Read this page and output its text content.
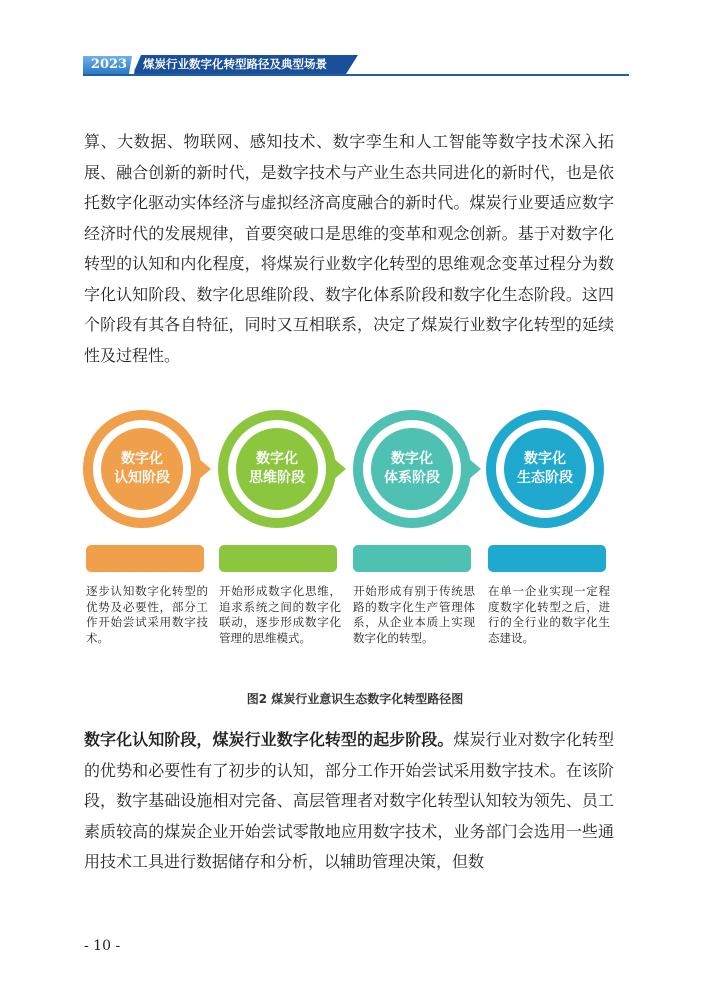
2023	煤炭行业数字化转型路径及典型场景

算、大数据、物联网、感知技术、数字孪生和人工智能等数字技术深入拓展、融合创新的新时代，是数字技术与产业生态共同进化的新时代，也是依托数字化驱动实体经济与虚拟经济高度融合的新时代。煤炭行业要适应数字经济时代的发展规律，首要突破口是思维的变革和观念创新。基于对数字化转型的认知和内化程度，将煤炭行业数字化转型的思维观念变革过程分为数字化认知阶段、数字化思维阶段、数字化体系阶段和数字化生态阶段。这四个阶段有其各自特征，同时又互相联系，决定了煤炭行业数字化转型的延续性及过程性。

数字化
认知阶段

逐步认知数字化转型的优势及必要性，部分工作开始尝试采用数字技术。

数字化
思维阶段

开始形成数字化思维，追求系统之间的数字化联动，逐步形成数字化管理的思维模式。

数字化
体系阶段

开始形成有别于传统思路的数字化生产管理体系，从企业本质上实现数字化的转型。

数字化
生态阶段

在单一企业实现一定程度数字化转型之后，进行的全行业的数字化生态建设。

图2 煤炭行业意识生态数字化转型路径图

数字化认知阶段，煤炭行业数字化转型的起步阶段。煤炭行业对数字化转型的优势和必要性有了初步的认知，部分工作开始尝试采用数字技术。在该阶段，数字基础设施相对完备、高层管理者对数字化转型认知较为领先、员工素质较高的煤炭企业开始尝试零散地应用数字技术，业务部门会选用一些通用技术工具进行数据储存和分析，以辅助管理决策，但数

- 10 -
